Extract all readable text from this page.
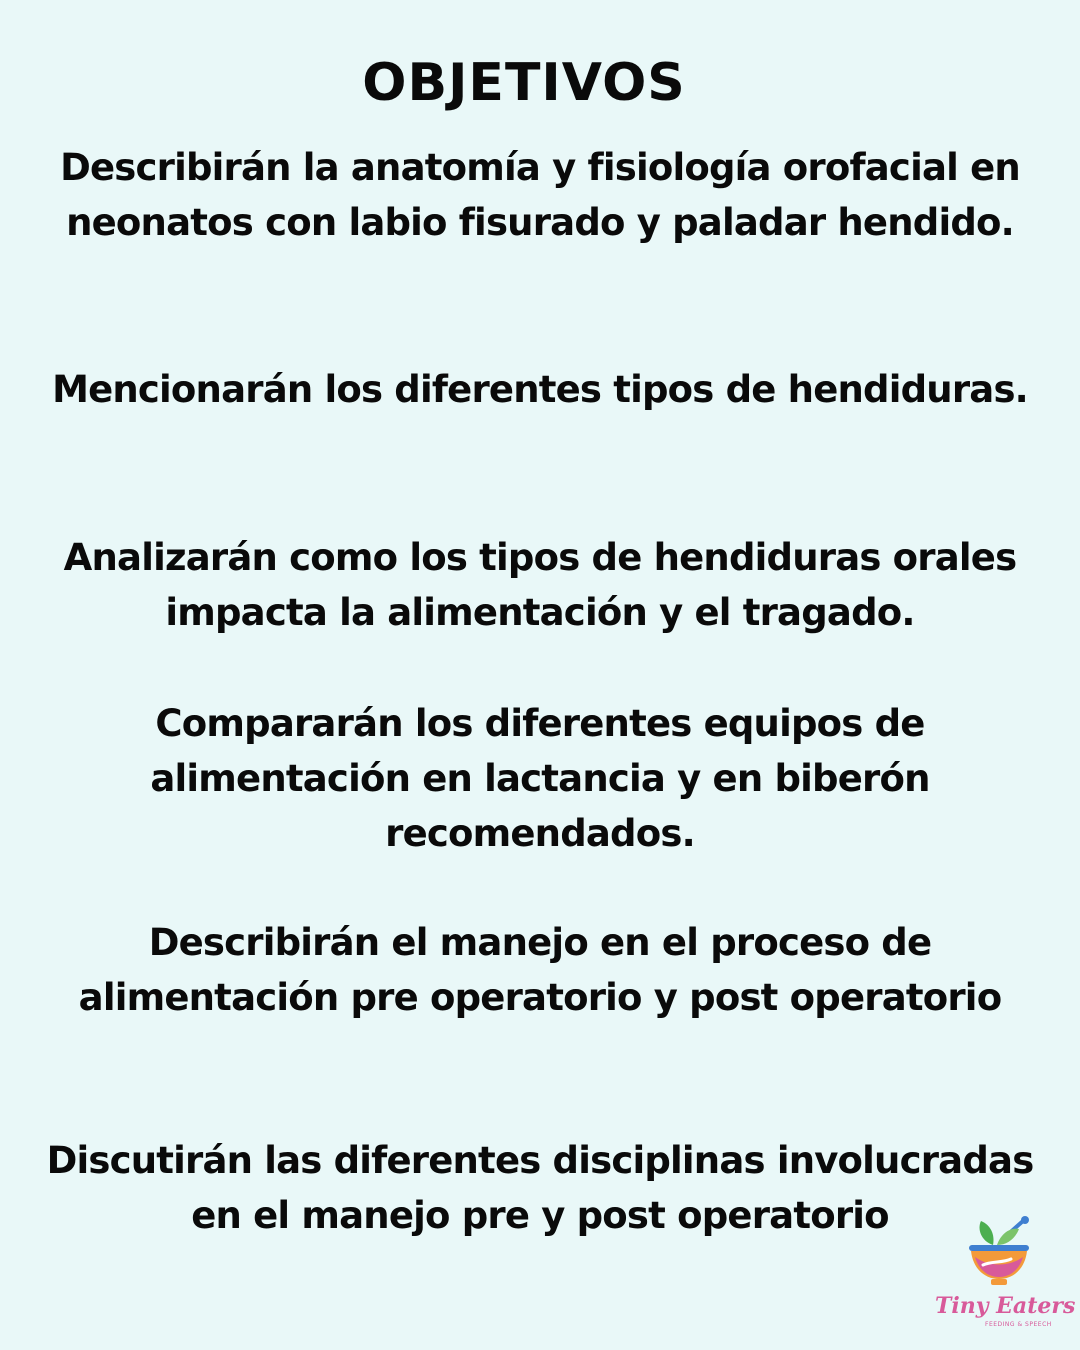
OBJETIVOS

Describirán la anatomía y fisiología orofacial en neonatos con labio fisurado y paladar hendido.

Mencionarán los diferentes tipos de hendiduras.

Analizarán como los tipos de hendiduras orales impacta la alimentación y el tragado.

Compararán los diferentes equipos de alimentación en lactancia y en biberón recomendados.

Describirán el manejo en el proceso de alimentación pre operatorio y post operatorio

Discutirán las diferentes disciplinas involucradas en el manejo pre y post operatorio

Tiny Eaters
FEEDING & SPEECH
